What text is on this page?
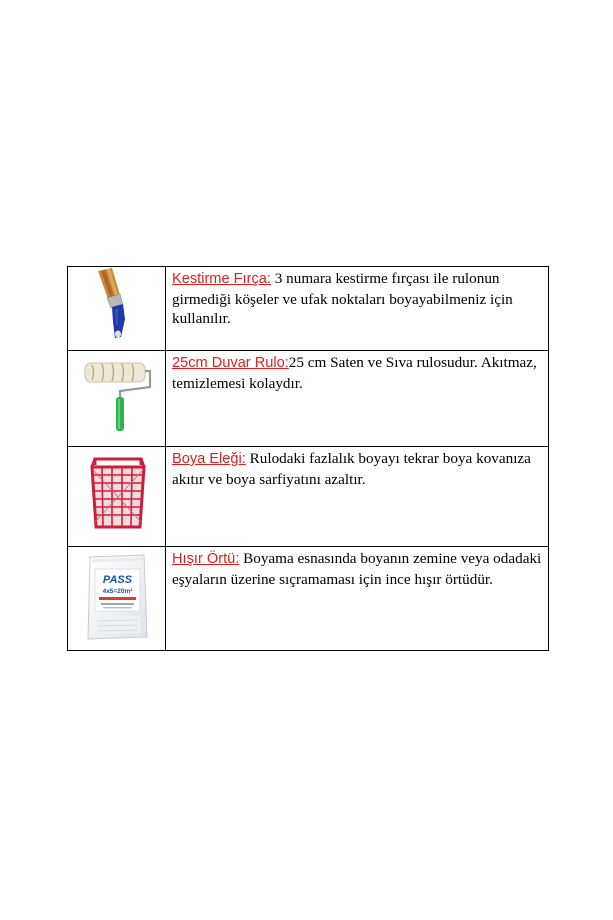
	Kestirme Fırça: 3 numara kestirme fırçası ile rulonun girmediği köşeler ve ufak noktaları boyayabilmeniz için kullanılır.

	25cm Duvar Rulo:25 cm Saten ve Sıva rulosudur. Akıtmaz, temizlemesi kolaydır.

	Boya Eleği: Rulodaki fazlalık boyayı tekrar boya kovanıza akıtır ve boya sarfiyatını azaltır.

PASS
4x5=20m²	Hışır Örtü: Boyama esnasında boyanın zemine veya odadaki eşyaların üzerine sıçramaması için ince hışır örtüdür.
